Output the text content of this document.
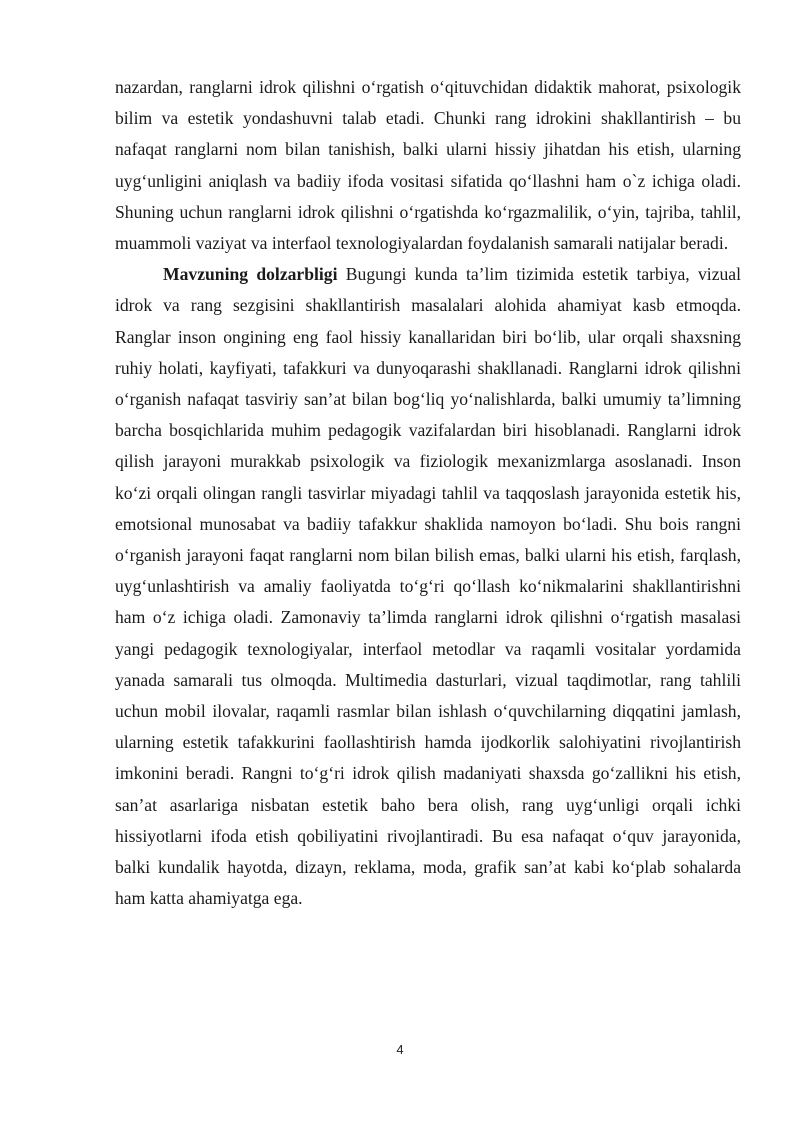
nazardan, ranglarni idrok qilishni o‘rgatish o‘qituvchidan didaktik mahorat, psixologik bilim va estetik yondashuvni talab etadi. Chunki rang idrokini shakllantirish – bu nafaqat ranglarni nom bilan tanishish, balki ularni hissiy jihatdan his etish, ularning uyg‘unligini aniqlash va badiiy ifoda vositasi sifatida qo‘llashni ham o`z ichiga oladi. Shuning uchun ranglarni idrok qilishni o‘rgatishda ko‘rgazmalilik, o‘yin, tajriba, tahlil, muammoli vaziyat va interfaol texnologiyalardan foydalanish samarali natijalar beradi.

Mavzuning dolzarbligi Bugungi kunda ta’lim tizimida estetik tarbiya, vizual idrok va rang sezgisini shakllantirish masalalari alohida ahamiyat kasb etmoqda. Ranglar inson ongining eng faol hissiy kanallaridan biri bo‘lib, ular orqali shaxsning ruhiy holati, kayfiyati, tafakkuri va dunyoqarashi shakllanadi. Ranglarni idrok qilishni o‘rganish nafaqat tasviriy san’at bilan bog‘liq yo‘nalishlarda, balki umumiy ta’limning barcha bosqichlarida muhim pedagogik vazifalardan biri hisoblanadi. Ranglarni idrok qilish jarayoni murakkab psixologik va fiziologik mexanizmlarga asoslanadi. Inson ko‘zi orqali olingan rangli tasvirlar miyadagi tahlil va taqqoslash jarayonida estetik his, emotsional munosabat va badiiy tafakkur shaklida namoyon bo‘ladi. Shu bois rangni o‘rganish jarayoni faqat ranglarni nom bilan bilish emas, balki ularni his etish, farqlash, uyg‘unlashtirish va amaliy faoliyatda to‘g‘ri qo‘llash ko‘nikmalarini shakllantirishni ham o‘z ichiga oladi. Zamonaviy ta’limda ranglarni idrok qilishni o‘rgatish masalasi yangi pedagogik texnologiyalar, interfaol metodlar va raqamli vositalar yordamida yanada samarali tus olmoqda. Multimedia dasturlari, vizual taqdimotlar, rang tahlili uchun mobil ilovalar, raqamli rasmlar bilan ishlash o‘quvchilarning diqqatini jamlash, ularning estetik tafakkurini faollashtirish hamda ijodkorlik salohiyatini rivojlantirish imkonini beradi. Rangni to‘g‘ri idrok qilish madaniyati shaxsda go‘zallikni his etish, san’at asarlariga nisbatan estetik baho bera olish, rang uyg‘unligi orqali ichki hissiyotlarni ifoda etish qobiliyatini rivojlantiradi. Bu esa nafaqat o‘quv jarayonida, balki kundalik hayotda, dizayn, reklama, moda, grafik san’at kabi ko‘plab sohalarda ham katta ahamiyatga ega.

4
